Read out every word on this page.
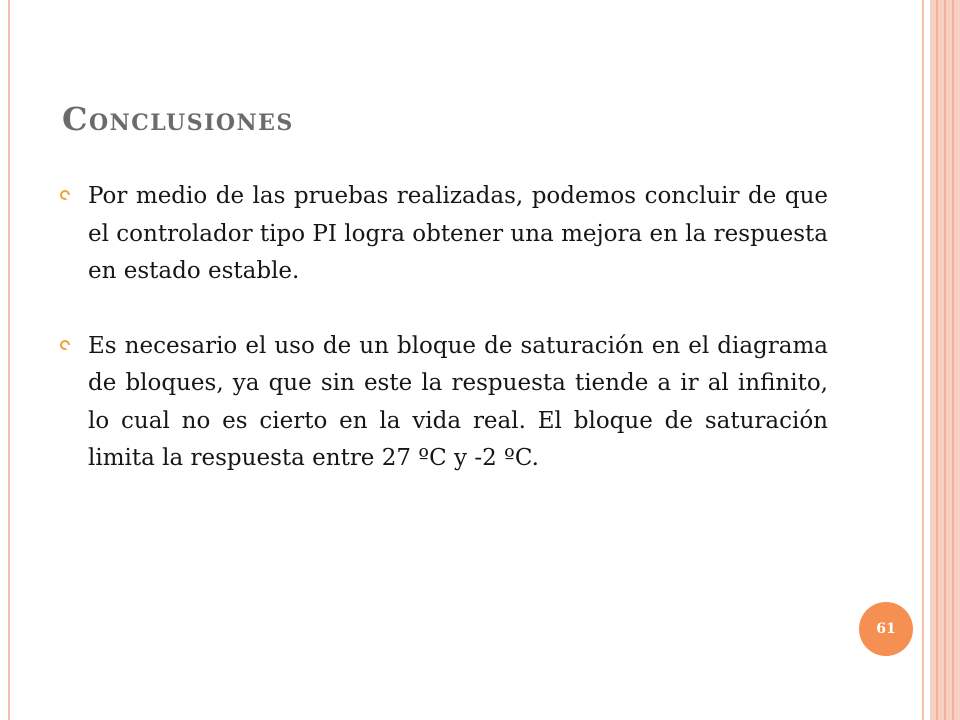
Conclusiones
Por medio de las pruebas realizadas, podemos concluir de que el controlador tipo PI logra obtener una mejora en la respuesta en estado estable.
Es necesario el uso de un bloque de saturación en el diagrama de bloques, ya que sin este la respuesta tiende a ir al infinito, lo cual no es cierto en la vida real. El bloque de saturación limita la respuesta entre 27 ºC y -2 ºC.
61
